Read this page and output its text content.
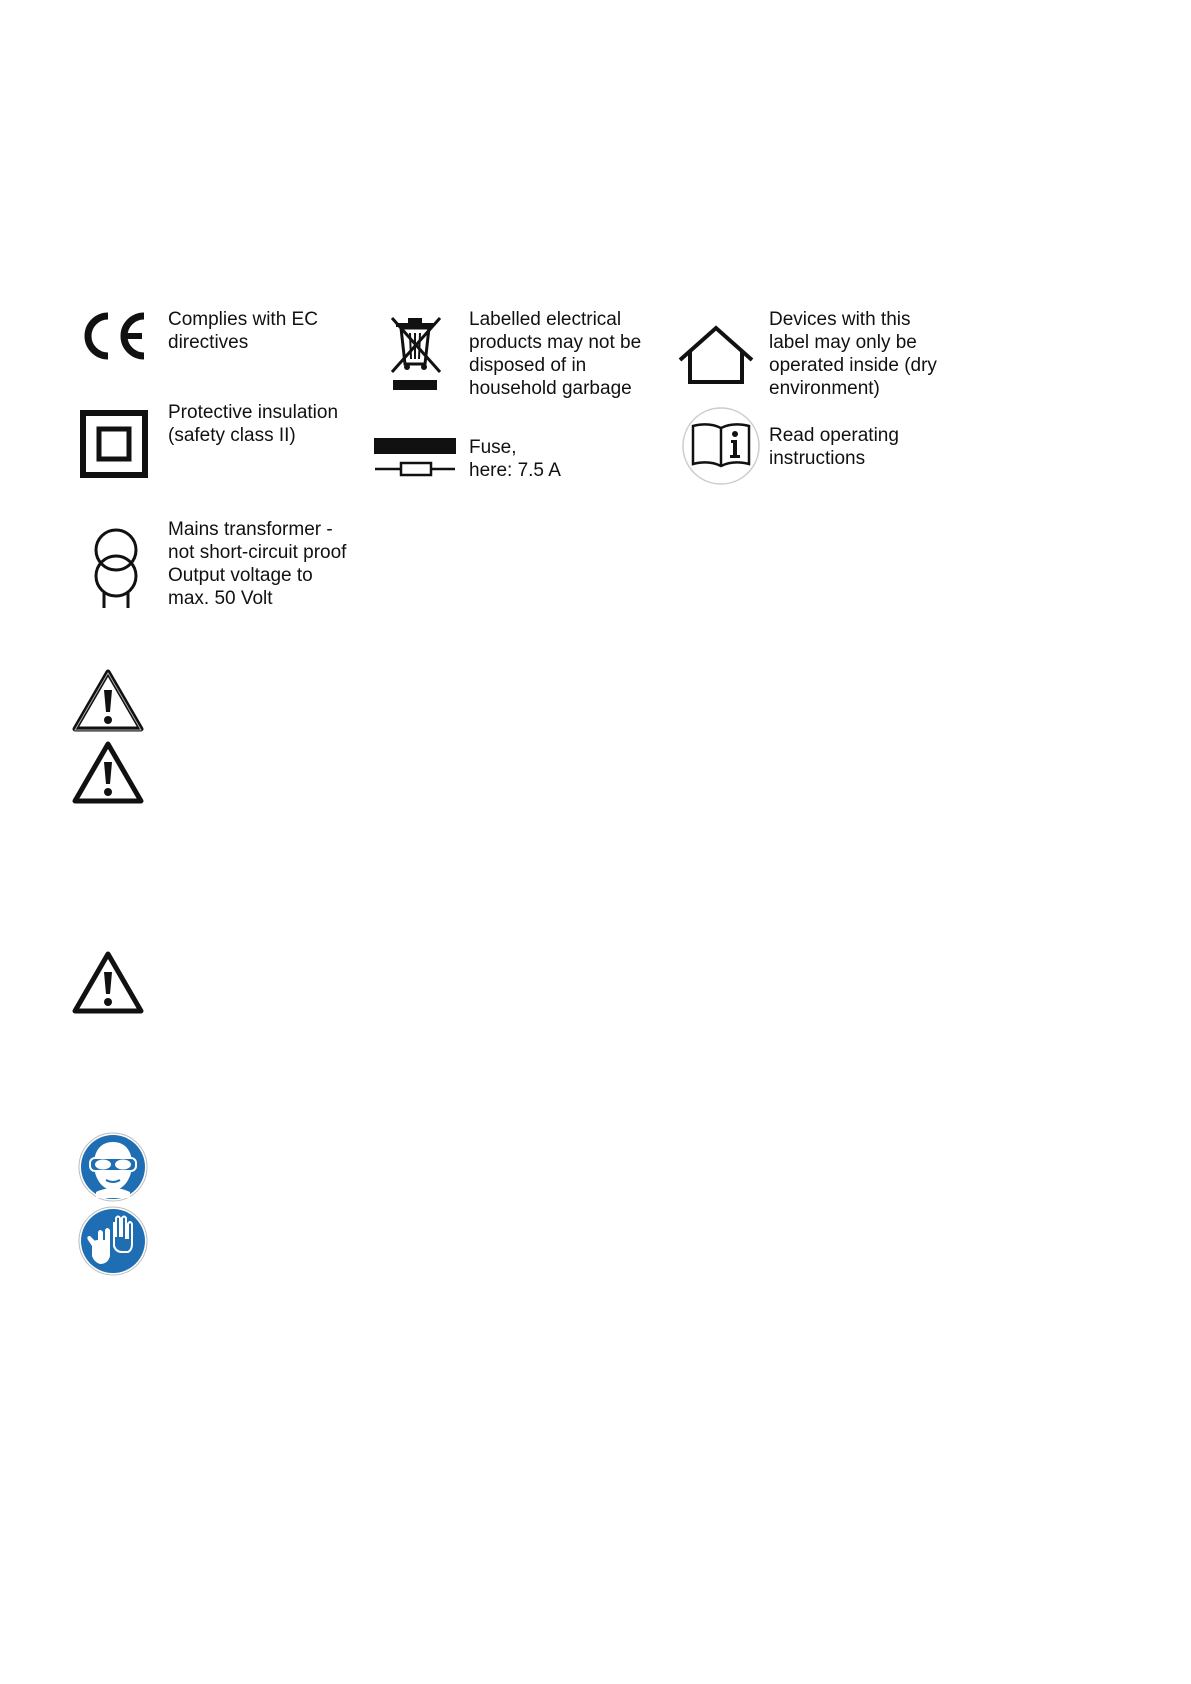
Complies with EC
directives
Labelled electrical
products may not be
disposed of in
household garbage
Devices with this
label may only be
operated inside (dry
environment)
Protective insulation
(safety class II)
Fuse,
here: 7.5 A
Read operating
instructions
Mains transformer -
not short-circuit proof
Output voltage to
max. 50 Volt
